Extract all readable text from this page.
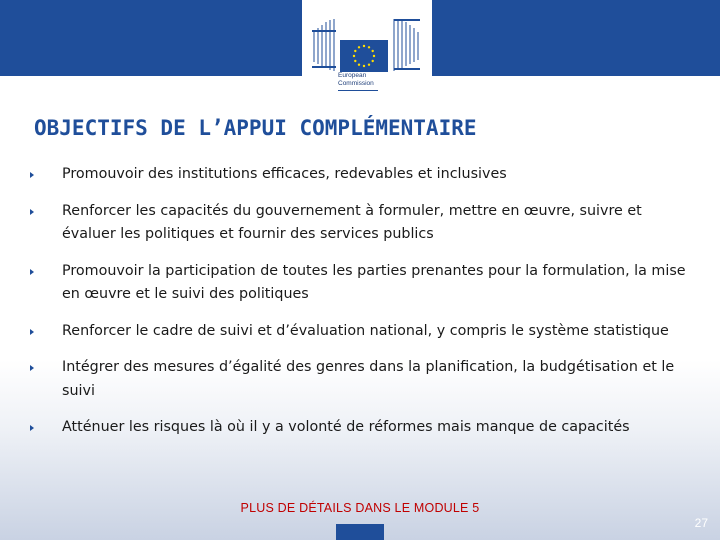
European
Commission
OBJECTIFS DE L’APPUI COMPLÉMENTAIRE
Promouvoir des institutions efficaces, redevables et inclusives
Renforcer les capacités du gouvernement à formuler, mettre en œuvre, suivre et évaluer les politiques et fournir des services publics
Promouvoir la participation de toutes les parties prenantes pour la formulation, la mise en œuvre et le suivi des politiques
Renforcer le cadre de suivi et d’évaluation national, y compris le système statistique
Intégrer des mesures d’égalité des genres dans la planification, la budgétisation et le suivi
Atténuer les risques là où il y a volonté de réformes mais manque de capacités
PLUS DE DÉTAILS DANS LE MODULE 5
27
